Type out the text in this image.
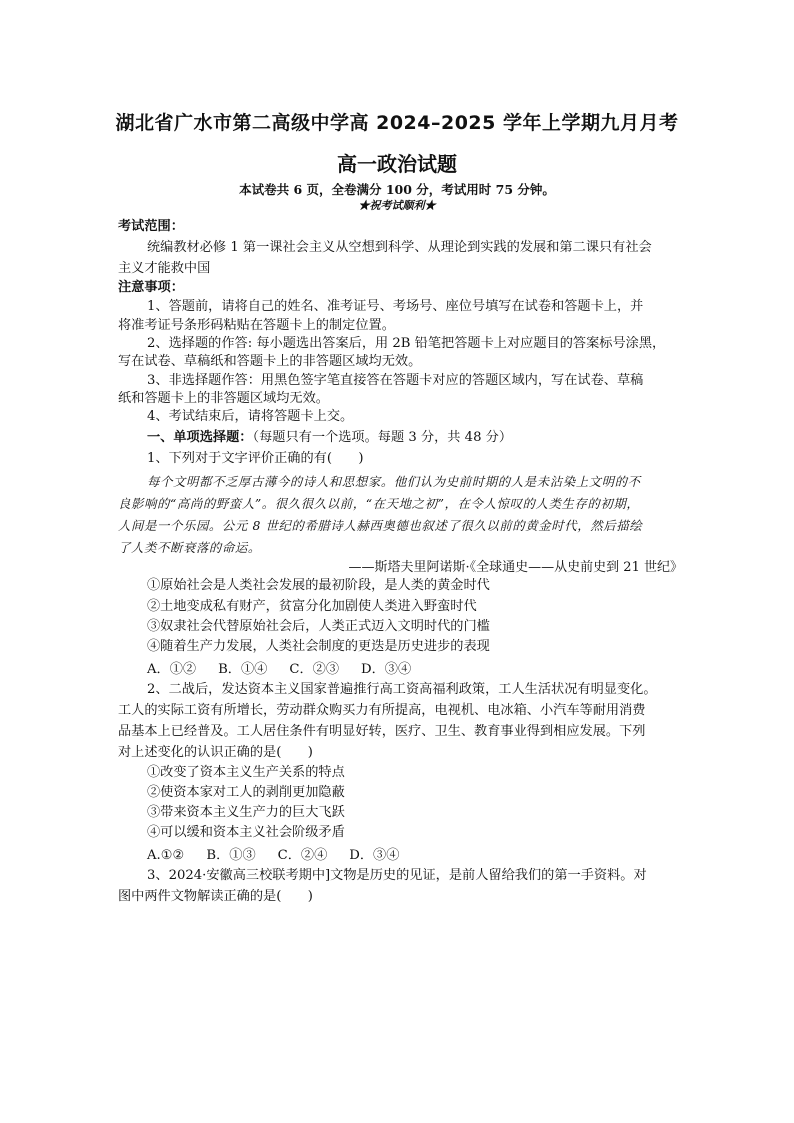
湖北省广水市第二高级中学高 2024–2025 学年上学期九月月考
高一政治试题
本试卷共 6 页，全卷满分 100 分，考试用时 75 分钟。
★祝考试顺利★
考试范围：
统编教材必修 1 第一课社会主义从空想到科学、从理论到实践的发展和第二课只有社会
主义才能救中国
注意事项：
1、答题前，请将自己的姓名、准考证号、考场号、座位号填写在试卷和答题卡上，并
将准考证号条形码粘贴在答题卡上的制定位置。
2、选择题的作答: 每小题选出答案后，用 2B 铅笔把答题卡上对应题目的答案标号涂黑，
写在试卷、草稿纸和答题卡上的非答题区域均无效。
3、非选择题作答：用黑色签字笔直接答在答题卡对应的答题区域内，写在试卷、草稿
纸和答题卡上的非答题区域均无效。
4、考试结束后，请将答题卡上交。
一、单项选择题：（每题只有一个选项。每题 3 分，共 48 分）
1、下列对于文字评价正确的有(　　)
每个文明都不乏厚古薄今的诗人和思想家。他们认为史前时期的人是未沾染上文明的不
良影响的“高尚的野蛮人”。很久很久以前，“在天地之初”，在令人惊叹的人类生存的初期，
人间是一个乐园。公元 8 世纪的希腊诗人赫西奥德也叙述了很久以前的黄金时代，然后描绘
了人类不断衰落的命运。
——斯塔夫里阿诺斯·《全球通史——从史前史到 21 世纪》
①原始社会是人类社会发展的最初阶段，是人类的黄金时代
②土地变成私有财产，贫富分化加剧使人类进入野蛮时代
③奴隶社会代替原始社会后，人类正式迈入文明时代的门槛
④随着生产力发展，人类社会制度的更迭是历史进步的表现
A．①② B．①④ C．②③ D．③④
2、二战后，发达资本主义国家普遍推行高工资高福利政策，工人生活状况有明显变化。
工人的实际工资有所增长，劳动群众购买力有所提高，电视机、电冰箱、小汽车等耐用消费
品基本上已经普及。工人居住条件有明显好转，医疗、卫生、教育事业得到相应发展。下列
对上述变化的认识正确的是(　　)
①改变了资本主义生产关系的特点
②使资本家对工人的剥削更加隐蔽
③带来资本主义生产力的巨大飞跃
④可以缓和资本主义社会阶级矛盾
A.①② B．①③ C．②④ D．③④
3、2024·安徽高三校联考期中]文物是历史的见证，是前人留给我们的第一手资料。对
图中两件文物解读正确的是(　　)
